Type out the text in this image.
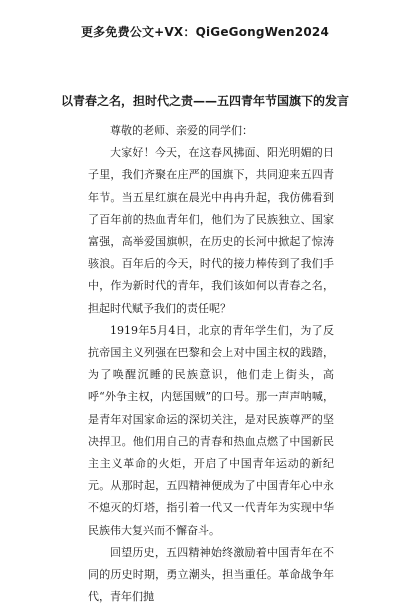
更多免费公文+VX：QiGeGongWen2024
以青春之名，担时代之责——五四青年节国旗下的发言

尊敬的老师、亲爱的同学们：

大家好！今天，在这春风拂面、阳光明媚的日子里，我们齐聚在庄严的国旗下，共同迎来五四青年节。当五星红旗在晨光中冉冉升起，我仿佛看到了百年前的热血青年们，他们为了民族独立、国家富强，高举爱国旗帜，在历史的长河中掀起了惊涛骇浪。百年后的今天，时代的接力棒传到了我们手中，作为新时代的青年，我们该如何以青春之名，担起时代赋予我们的责任呢？

1919年5月4日，北京的青年学生们，为了反抗帝国主义列强在巴黎和会上对中国主权的践踏，为了唤醒沉睡的民族意识，他们走上街头，高呼“外争主权，内惩国贼”的口号。那一声声呐喊，是青年对国家命运的深切关注，是对民族尊严的坚决捍卫。他们用自己的青春和热血点燃了中国新民主主义革命的火炬，开启了中国青年运动的新纪元。从那时起，五四精神便成为了中国青年心中永不熄灭的灯塔，指引着一代又一代青年为实现中华民族伟大复兴而不懈奋斗。

回望历史，五四精神始终激励着中国青年在不同的历史时期，勇立潮头，担当重任。革命战争年代，青年们抛
